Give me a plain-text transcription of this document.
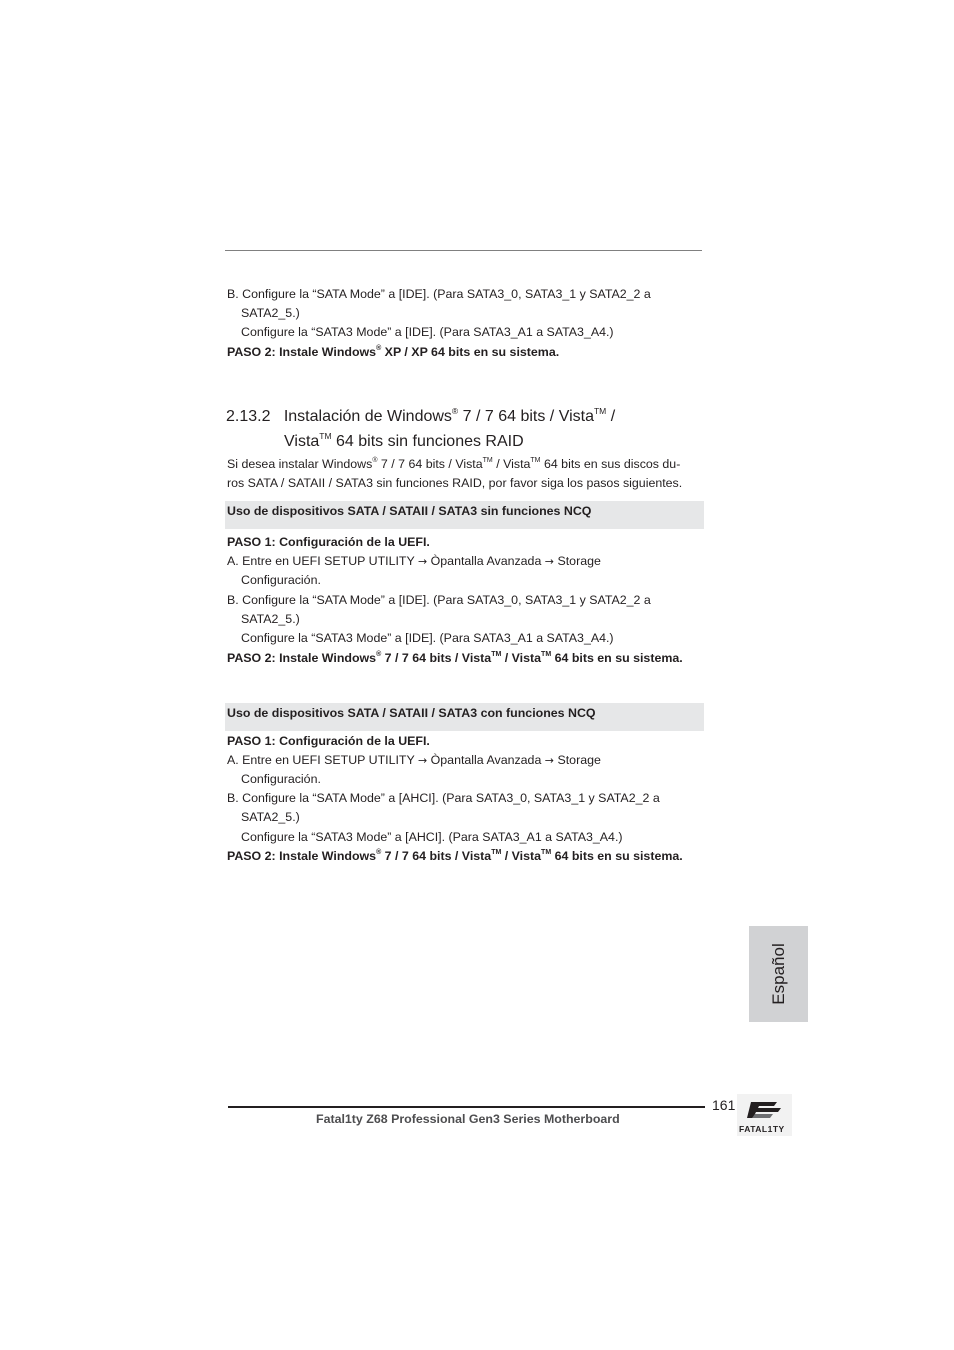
B. Configure la “SATA Mode” a [IDE]. (Para SATA3_0, SATA3_1 y SATA2_2 a
SATA2_5.)
Configure la “SATA3 Mode” a [IDE]. (Para SATA3_A1 a SATA3_A4.)
PASO 2: Instale Windows® XP / XP 64 bits en su sistema.
2.13.2 Instalación de Windows® 7 / 7 64 bits / Vista™ /
Vista™ 64 bits sin funciones RAID
Si desea instalar Windows® 7 / 7 64 bits / Vista™ / Vista™ 64 bits en sus discos du-
ros SATA / SATAII / SATA3 sin funciones RAID, por favor siga los pasos siguientes.
Uso de dispositivos SATA / SATAII / SATA3 sin funciones NCQ
PASO 1: Configuración de la UEFI.
A. Entre en UEFI SETUP UTILITY → Òpantalla Avanzada → Storage
Configuración.
B. Configure la “SATA Mode” a [IDE]. (Para SATA3_0, SATA3_1 y SATA2_2 a
SATA2_5.)
Configure la “SATA3 Mode” a [IDE]. (Para SATA3_A1 a SATA3_A4.)
PASO 2: Instale Windows® 7 / 7 64 bits / Vista™ / Vista™ 64 bits en su sistema.
Uso de dispositivos SATA / SATAII / SATA3 con funciones NCQ
PASO 1: Configuración de la UEFI.
A. Entre en UEFI SETUP UTILITY → Òpantalla Avanzada → Storage
Configuración.
B. Configure la “SATA Mode” a [AHCI]. (Para SATA3_0, SATA3_1 y SATA2_2 a
SATA2_5.)
Configure la “SATA3 Mode” a [AHCI]. (Para SATA3_A1 a SATA3_A4.)
PASO 2: Instale Windows® 7 / 7 64 bits / Vista™ / Vista™ 64 bits en su sistema.
Español
161
Fatal1ty Z68 Professional Gen3 Series Motherboard
FATAL1TY
